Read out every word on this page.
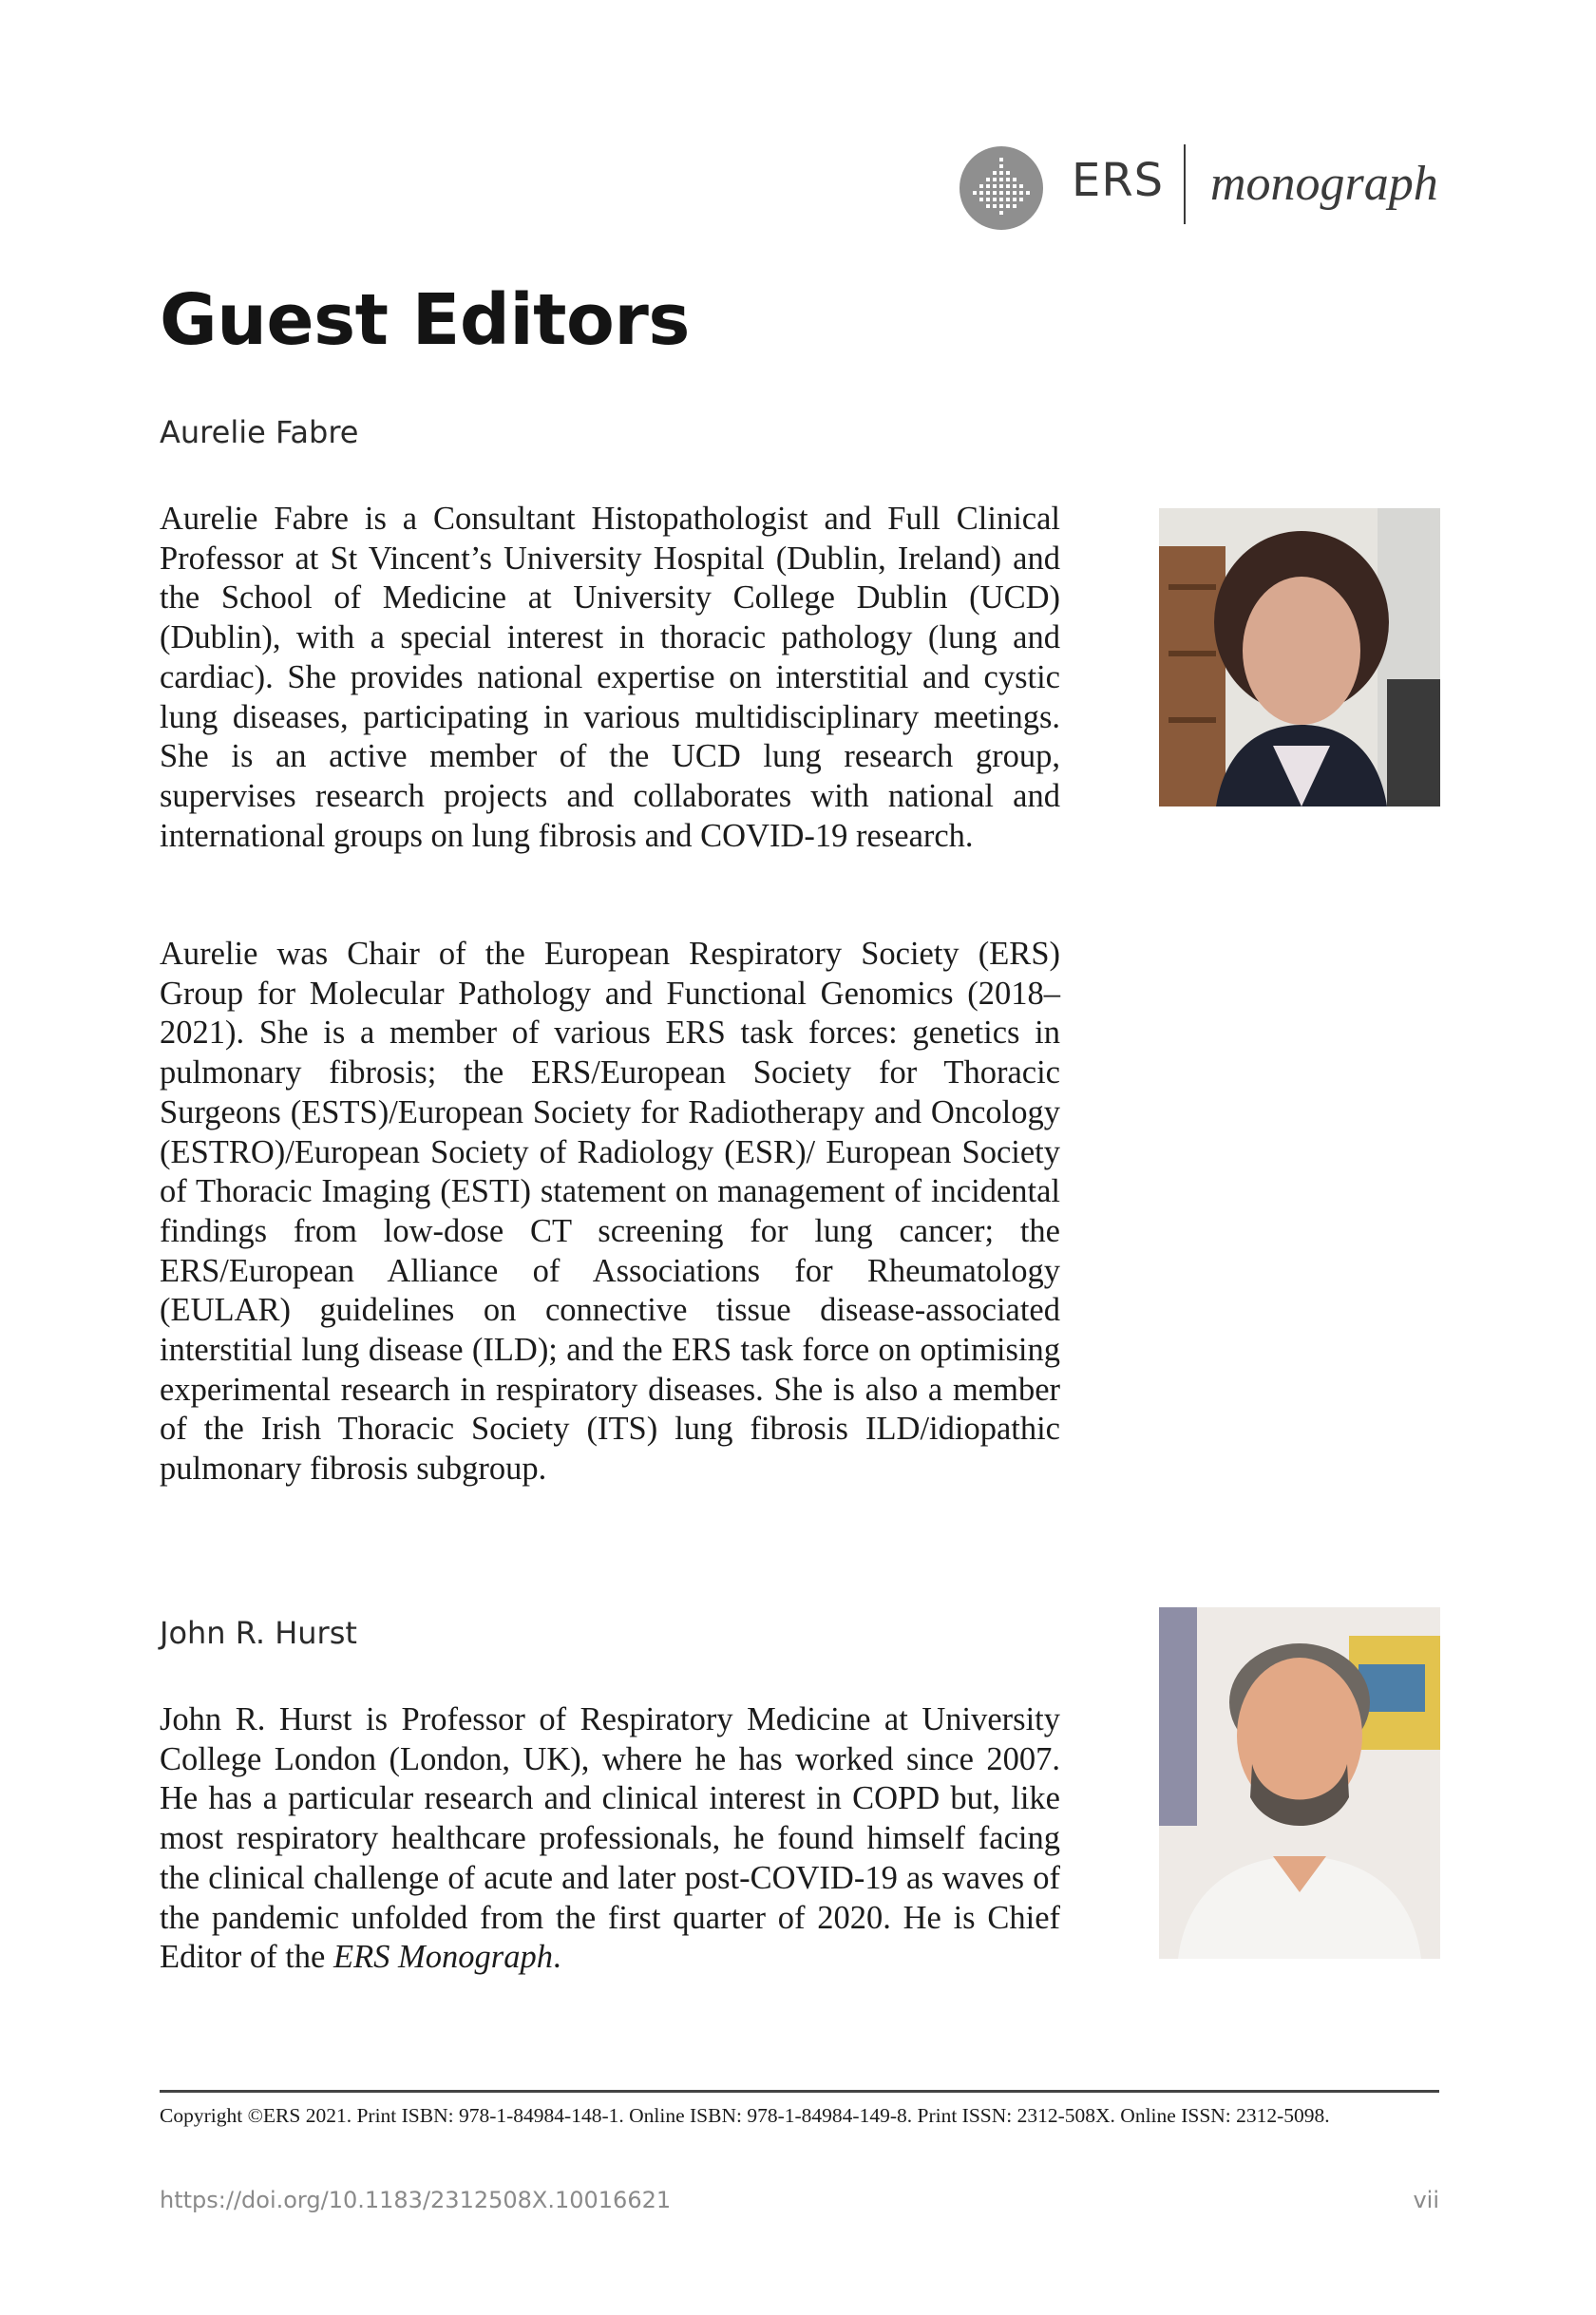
ERS monograph
Guest Editors

Aurelie Fabre

Aurelie Fabre is a Consultant Histopathologist and Full Clinical Professor at St Vincent’s University Hospital (Dublin, Ireland) and the School of Medicine at University College Dublin (UCD) (Dublin), with a special interest in thoracic pathology (lung and cardiac). She provides national expertise on interstitial and cystic lung diseases, participating in various multidisciplinary meetings. She is an active member of the UCD lung research group, supervises research projects and collaborates with national and international groups on lung fibrosis and COVID-19 research.

Aurelie was Chair of the European Respiratory Society (ERS) Group for Molecular Pathology and Functional Genomics (2018–2021). She is a member of various ERS task forces: genetics in pulmonary fibrosis; the ERS/European Society for Thoracic Surgeons (ESTS)/European Society for Radiotherapy and Oncology (ESTRO)/European Society of Radiology (ESR)/ European Society of Thoracic Imaging (ESTI) statement on management of incidental findings from low-dose CT screening for lung cancer; the ERS/European Alliance of Associations for Rheumatology (EULAR) guidelines on connective tissue disease-associated interstitial lung disease (ILD); and the ERS task force on optimising experimental research in respiratory diseases. She is also a member of the Irish Thoracic Society (ITS) lung fibrosis ILD/idiopathic pulmonary fibrosis subgroup.

John R. Hurst

John R. Hurst is Professor of Respiratory Medicine at University College London (London, UK), where he has worked since 2007. He has a particular research and clinical interest in COPD but, like most respiratory healthcare professionals, he found himself facing the clinical challenge of acute and later post-COVID-19 as waves of the pandemic unfolded from the first quarter of 2020. He is Chief Editor of the ERS Monograph.

Copyright ©ERS 2021. Print ISBN: 978-1-84984-148-1. Online ISBN: 978-1-84984-149-8. Print ISSN: 2312-508X. Online ISSN: 2312-5098.

https://doi.org/10.1183/2312508X.10016621	vii
